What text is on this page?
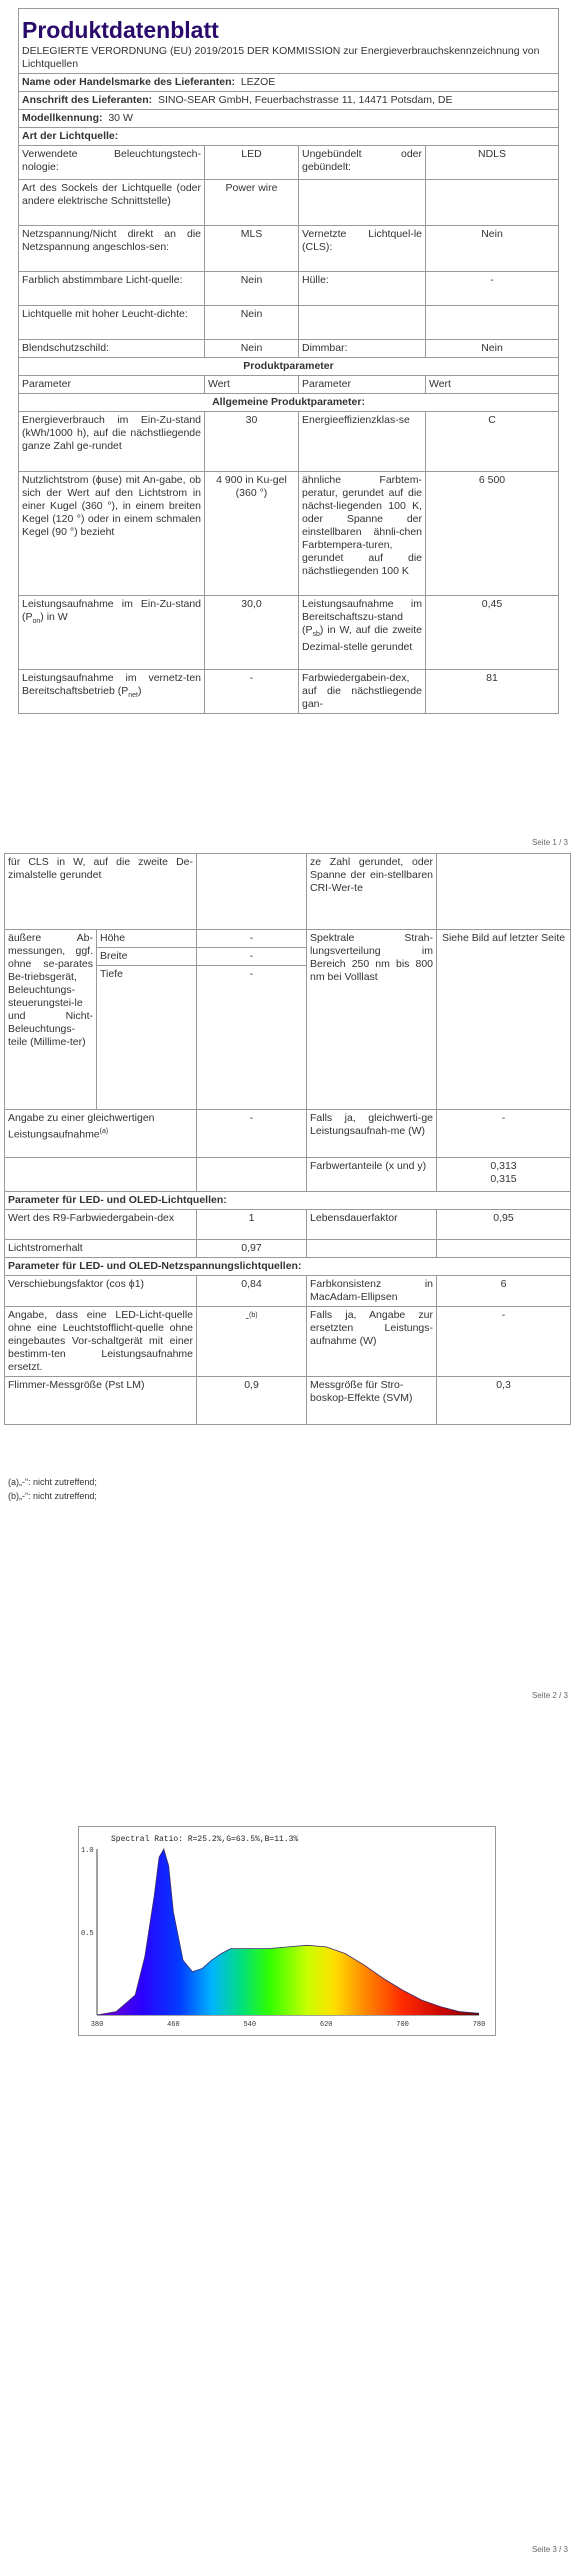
Produktdatenblatt
DELEGIERTE VERORDNUNG (EU) 2019/2015 DER KOMMISSION zur Energieverbrauchskennzeichnung von Lichtquellen			

Name oder Handelsmarke des Lieferanten: LEZOE			
Anschrift des Lieferanten: SINO-SEAR GmbH, Feuerbachstrasse 11, 14471 Potsdam, DE			
Modellkennung: 30 W			
Art der Lichtquelle:			
Verwendete Beleuchtungstech-nologie:	LED	Ungebündelt oder gebündelt:	NDLS
Art des Sockels der Lichtquelle (oder andere elektrische Schnittstelle)	Power wire		
Netzspannung/Nicht direkt an die Netzspannung angeschlos-sen:	MLS	Vernetzte Lichtquel-le (CLS):	Nein
Farblich abstimmbare Licht-quelle:	Nein	Hülle:	-
Lichtquelle mit hoher Leucht-dichte:	Nein		
Blendschutzschild:	Nein	Dimmbar:	Nein
Produktparameter			
Parameter	Wert	Parameter	Wert
Allgemeine Produktparameter:			
Energieverbrauch im Ein-Zu-stand (kWh/1000 h), auf die nächstliegende ganze Zahl ge-rundet	30	Energieeffizienzklas-se	C
Nutzlichtstrom (ɸuse) mit An-gabe, ob sich der Wert auf den Lichtstrom in einer Kugel (360 °), in einem breiten Kegel (120 °) oder in einem schmalen Kegel (90 °) bezieht	4 900 in Ku-gel (360 °)	ähnliche Farbtem-peratur, gerundet auf die nächst-liegenden 100 K, oder Spanne der einstellbaren ähnli-chen Farbtempera-turen, gerundet auf die nächstliegenden 100 K	6 500
Leistungsaufnahme im Ein-Zu-stand $(P_{on})$ in W	30,0	Leistungsaufnahme im Bereitschaftszu-stand $(P_{sb})$ in W, auf die zweite Dezimal-stelle gerundet	0,45
Leistungsaufnahme im vernetz-ten Bereitschaftsbetrieb $(P_{net})$	-	Farbwiedergabein-dex, auf die nächstliegende gan-	81
Seite 1 / 3
für CLS in W, auf die zweite De-zimalstelle gerundet			ze Zahl gerundet, oder Spanne der ein-stellbaren CRI-Wer-te	
äußere Ab-messungen, ggf. ohne se-parates Be-triebsgerät, Beleuchtungs-steuerungstei-le und Nicht-Beleuchtungs-teile (Millime-ter)	Höhe	-	Spektrale Strah-lungsverteilung im Bereich 250 nm bis 800 nm bei Volllast	Siehe Bild auf letzter Seite
	Breite	-		
	Tiefe	-		
Angabe zu einer gleichwertigen Leistungsaufnahme$^{(a)}$		-	Falls ja, gleichwerti-ge Leistungsaufnah-me (W)	-
			Farbwertanteile (x und y)	0,313
0,315

Parameter für LED- und OLED-Lichtquellen:				
Wert des R9-Farbwiedergabein-dex		1	Lebensdauerfaktor	0,95
Lichtstromerhalt		0,97		
Parameter für LED- und OLED-Netzspannungslichtquellen:				
Verschiebungsfaktor (cos ϕ1)		0,84	Farbkonsistenz in MacAdam-Ellipsen	6
Angabe, dass eine LED-Licht-quelle ohne eine Leuchtstofflicht-quelle ohne eingebautes Vor-schaltgerät mit einer bestimm-ten Leistungsaufnahme ersetzt.		-$^{(b)}$	Falls ja, Angabe zur ersetzten Leistungs-aufnahme (W)	-
Flimmer-Messgröße (Pst LM)		0,9	Messgröße für Stro-boskop-Effekte (SVM)	0,3
(a)„-“: nicht zutreffend;
(b)„-“: nicht zutreffend;
Seite 2 / 3
Spectral Ratio: R=25.2%,G=63.5%,B=11.3%
380	460	540	620	700	780
1.0
0.5
Seite 3 / 3
